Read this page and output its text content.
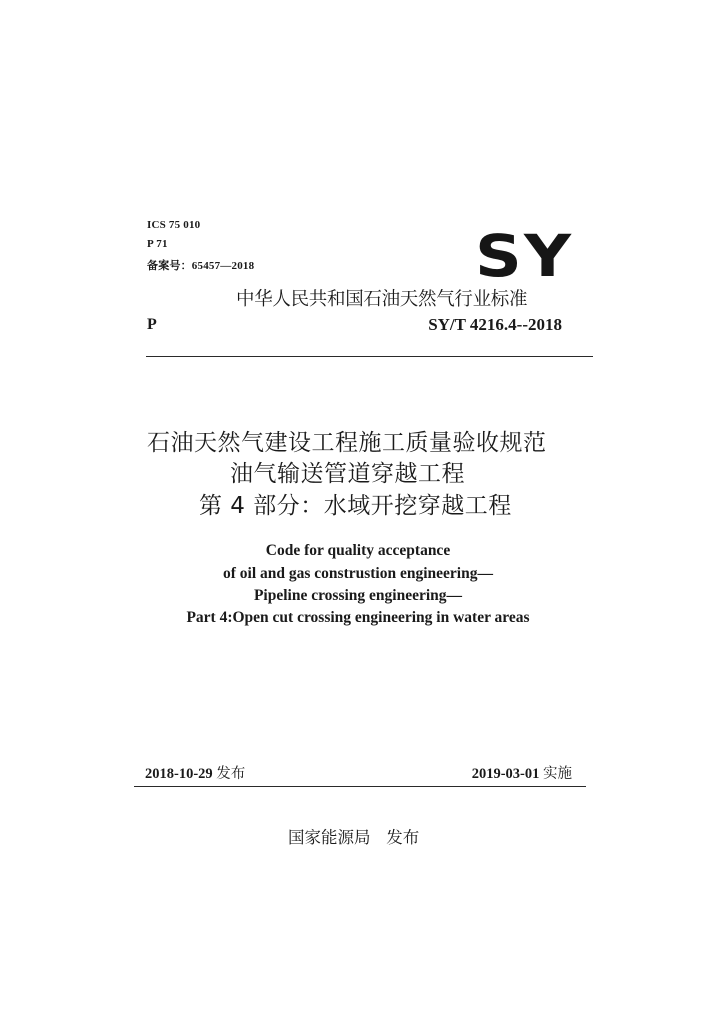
ICS 75 010

P 71

备案号：65457—2018	SY

中华人民共和国石油天然气行业标准

P	SY/T 4216.4--2018

石油天然气建设工程施工质量验收规范
油气输送管道穿越工程
第 4 部分：水域开挖穿越工程

Code for quality acceptance

of oil and gas construstion engineering—

Pipeline crossing engineering—

Part 4:Open cut crossing engineering in water areas

2018-10-29 发布	2019-03-01 实施

国家能源局 发布
